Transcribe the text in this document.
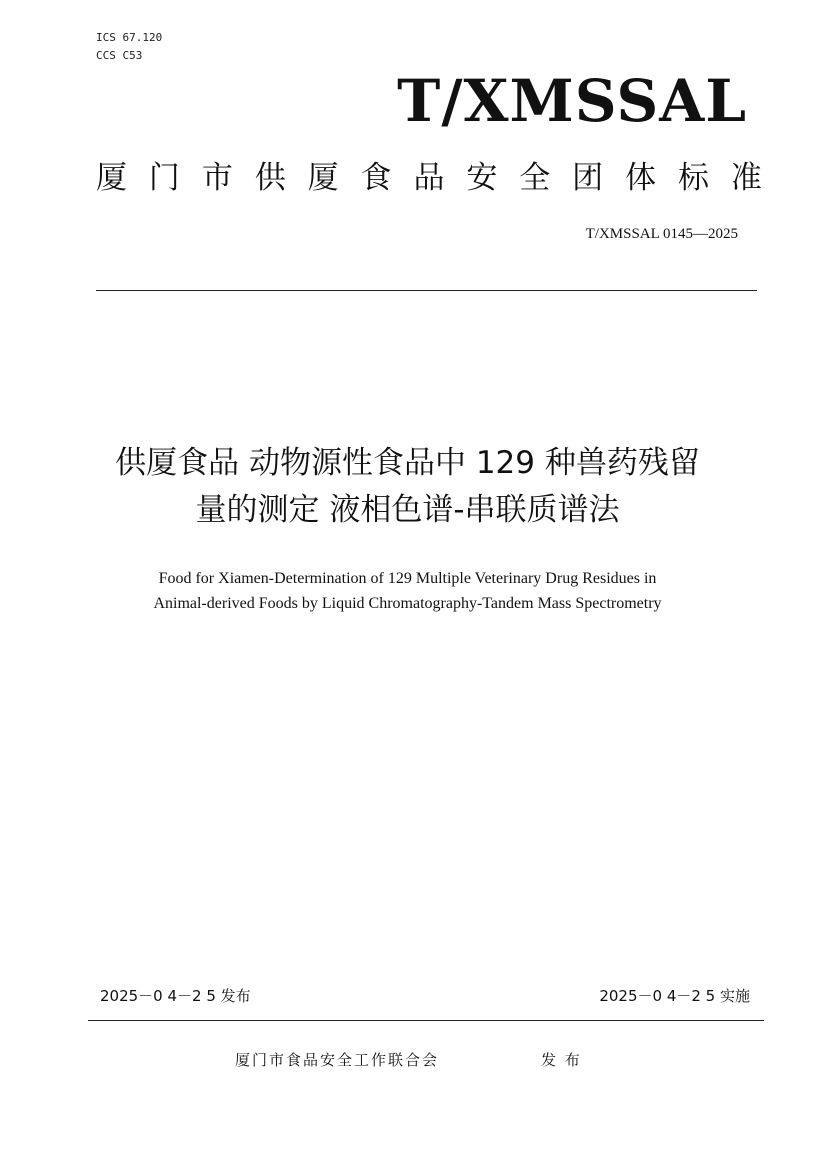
ICS 67.120
CCS C53
T/XMSSAL
厦 门 市 供 厦 食 品 安 全 团 体 标 准
T/XMSSAL 0145—2025
供厦食品 动物源性食品中 129 种兽药残留
量的测定 液相色谱-串联质谱法
Food for Xiamen-Determination of 129 Multiple Veterinary Drug Residues in
Animal-derived Foods by Liquid Chromatography-Tandem Mass Spectrometry
2025－0 4－2 5 发布	2025－0 4－2 5 实施
厦门市食品安全工作联合会	发 布
